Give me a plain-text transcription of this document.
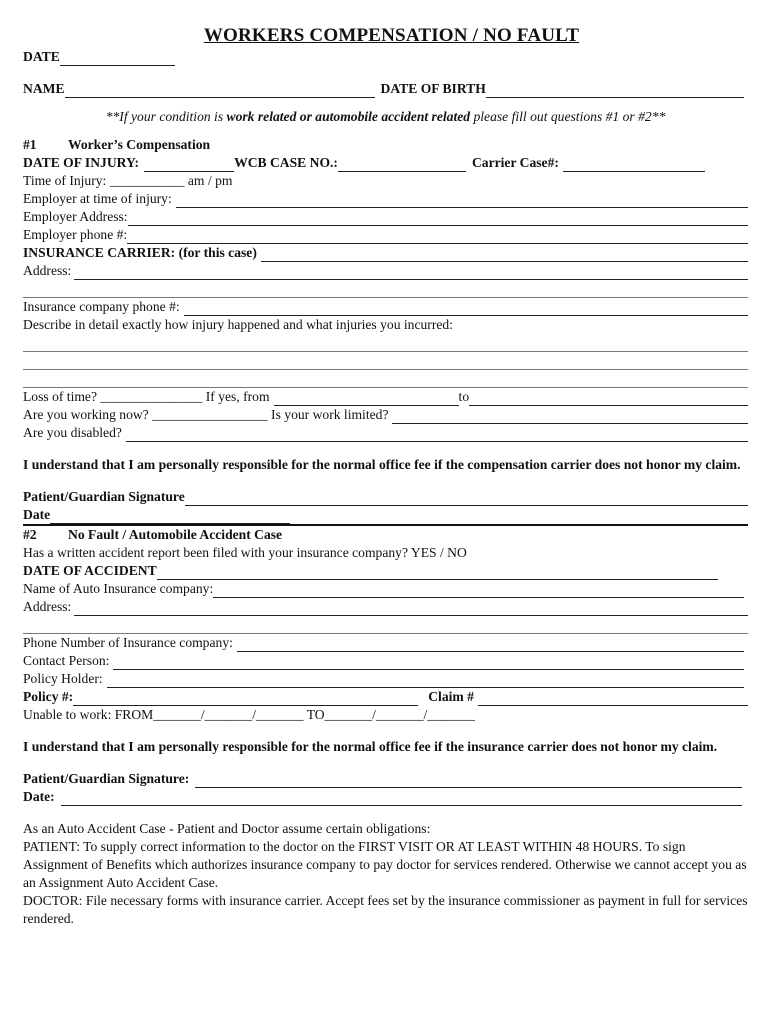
WORKERS COMPENSATION / NO FAULT
DATE
NAME	DATE OF BIRTH
**If your condition is work related or automobile accident related please fill out questions #1 or #2**
#1	Worker’s Compensation
DATE OF INJURY:	WCB CASE NO.:	Carrier Case#:
Time of Injury: ___________ am / pm
Employer at time of injury:
Employer Address:
Employer phone #:
INSURANCE CARRIER: (for this case)
Address:
Insurance company phone #:
Describe in detail exactly how injury happened and what injuries you incurred:
Loss of time? _______________ If yes, from	to
Are you working now? _________________ Is your work limited?
Are you disabled?
I understand that I am personally responsible for the normal office fee if the compensation carrier does not honor my claim.
Patient/Guardian Signature
Date
#2	No Fault / Automobile Accident Case
Has a written accident report been filed with your insurance company? YES / NO
DATE OF ACCIDENT
Name of Auto Insurance company:
Address:
Phone Number of Insurance company:
Contact Person:
Policy Holder:
Policy #:	Claim #
Unable to work: FROM_______/_______/_______ TO_______/_______/_______
I understand that I am personally responsible for the normal office fee if the insurance carrier does not honor my claim.
Patient/Guardian Signature:
Date:
As an Auto Accident Case - Patient and Doctor assume certain obligations:
PATIENT: To supply correct information to the doctor on the FIRST VISIT OR AT LEAST WITHIN 48 HOURS. To sign Assignment of Benefits which authorizes insurance company to pay doctor for services rendered. Otherwise we cannot accept you as an Assignment Auto Accident Case.
DOCTOR: File necessary forms with insurance carrier. Accept fees set by the insurance commissioner as payment in full for services rendered.
